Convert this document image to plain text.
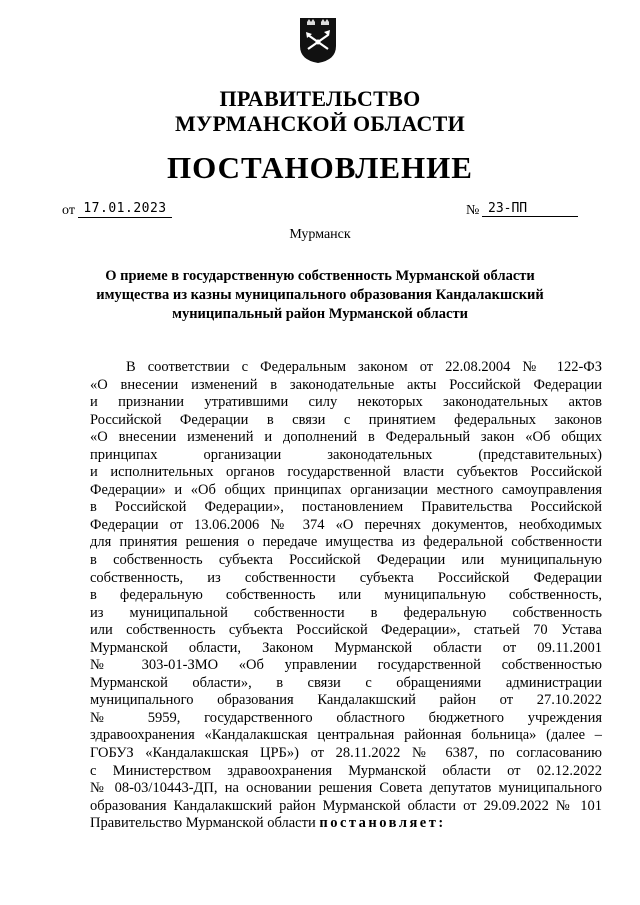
ПРАВИТЕЛЬСТВО
МУРМАНСКОЙ ОБЛАСТИ
ПОСТАНОВЛЕНИЕ
от 17.01.2023	№ 23-ПП
Мурманск
О приеме в государственную собственность Мурманской области
имущества из казны муниципального образования Кандалакшский
муниципальный район Мурманской области
В соответствии с Федеральным законом от 22.08.2004 № 122-ФЗ
«О внесении изменений в законодательные акты Российской Федерации
и признании утратившими силу некоторых законодательных актов
Российской Федерации в связи с принятием федеральных законов
«О внесении изменений и дополнений в Федеральный закон «Об общих
принципах организации законодательных (представительных)
и исполнительных органов государственной власти субъектов Российской
Федерации» и «Об общих принципах организации местного самоуправления
в Российской Федерации», постановлением Правительства Российской
Федерации от 13.06.2006 № 374 «О перечнях документов, необходимых
для принятия решения о передаче имущества из федеральной собственности
в собственность субъекта Российской Федерации или муниципальную
собственность, из собственности субъекта Российской Федерации
в федеральную собственность или муниципальную собственность,
из муниципальной собственности в федеральную собственность
или собственность субъекта Российской Федерации», статьей 70 Устава
Мурманской области, Законом Мурманской области от 09.11.2001
№ 303-01-ЗМО «Об управлении государственной собственностью
Мурманской области», в связи с обращениями администрации
муниципального образования Кандалакшский район от 27.10.2022
№ 5959, государственного областного бюджетного учреждения
здравоохранения «Кандалакшская центральная районная больница» (далее –
ГОБУЗ «Кандалакшская ЦРБ») от 28.11.2022 № 6387, по согласованию
с Министерством здравоохранения Мурманской области от 02.12.2022
№ 08-03/10443-ДП, на основании решения Совета депутатов муниципального
образования Кандалакшский район Мурманской области от 29.09.2022 № 101
Правительство Мурманской области постановляет:
